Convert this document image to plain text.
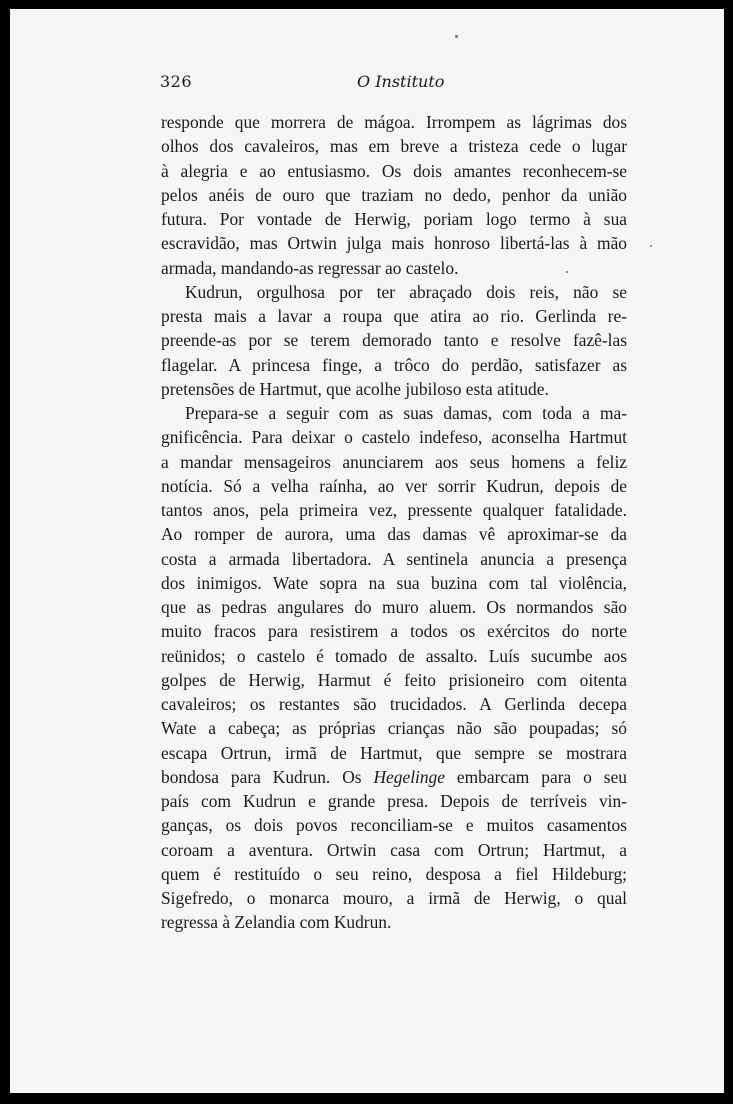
326	O Instituto
responde que morrera de mágoa. Irrompem as lágrimas dos
olhos dos cavaleiros, mas em breve a tristeza cede o lugar
à alegria e ao entusiasmo. Os dois amantes reconhecem-se
pelos anéis de ouro que traziam no dedo, penhor da união
futura. Por vontade de Herwig, poriam logo termo à sua
escravidão, mas Ortwin julga mais honroso libertá-las à mão
armada, mandando-as regressar ao castelo.
Kudrun, orgulhosa por ter abraçado dois reis, não se
presta mais a lavar a roupa que atira ao rio. Gerlinda re-
preende-as por se terem demorado tanto e resolve fazê-las
flagelar. A princesa finge, a trôco do perdão, satisfazer as
pretensões de Hartmut, que acolhe jubiloso esta atitude.
Prepara-se a seguir com as suas damas, com toda a ma-
gnificência. Para deixar o castelo indefeso, aconselha Hartmut
a mandar mensageiros anunciarem aos seus homens a feliz
notícia. Só a velha raínha, ao ver sorrir Kudrun, depois de
tantos anos, pela primeira vez, pressente qualquer fatalidade.
Ao romper de aurora, uma das damas vê aproximar-se da
costa a armada libertadora. A sentinela anuncia a presença
dos inimigos. Wate sopra na sua buzina com tal violência,
que as pedras angulares do muro aluem. Os normandos são
muito fracos para resistirem a todos os exércitos do norte
reünidos; o castelo é tomado de assalto. Luís sucumbe aos
golpes de Herwig, Harmut é feito prisioneiro com oitenta
cavaleiros; os restantes são trucidados. A Gerlinda decepa
Wate a cabeça; as próprias crianças não são poupadas; só
escapa Ortrun, irmã de Hartmut, que sempre se mostrara
bondosa para Kudrun. Os Hegelinge embarcam para o seu
país com Kudrun e grande presa. Depois de terríveis vin-
ganças, os dois povos reconciliam-se e muitos casamentos
coroam a aventura. Ortwin casa com Ortrun; Hartmut, a
quem é restituído o seu reino, desposa a fiel Hildeburg;
Sigefredo, o monarca mouro, a irmã de Herwig, o qual
regressa à Zelandia com Kudrun.
